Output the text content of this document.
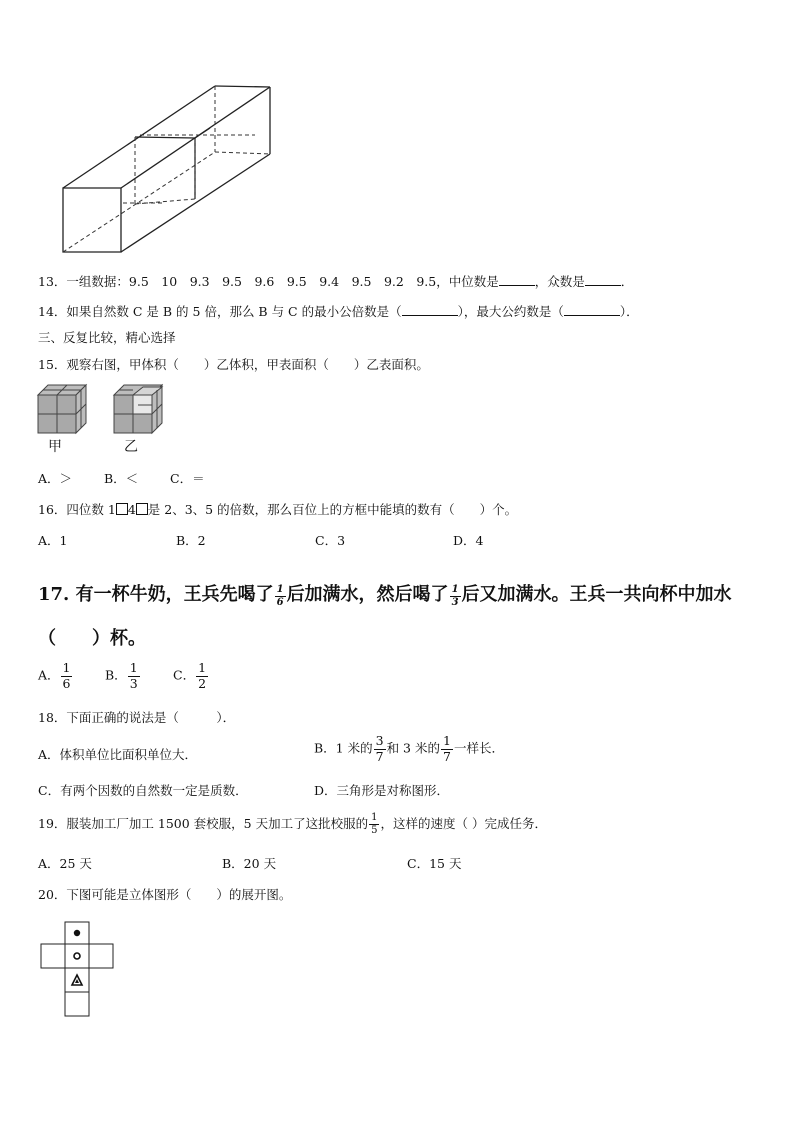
13．一组数据：9.5　10　9.3　9.5　9.6　9.5　9.4　9.5　9.2　9.5，中位数是	，众数是	．
14．如果自然数 C 是 B 的 5 倍，那么 B 与 C 的最小公倍数是（	），最大公约数是（	）．
三、反复比较，精心选择
15．观察右图，甲体积（　　）乙体积，甲表面积（　　）乙表面积。
甲	乙
A．＞	B．＜	C．＝
16．四位数 1 4 是 2、3、5 的倍数，那么百位上的方框中能填的数有（　　）个。
A．1	B．2	C．3	D．4
17. 有一杯牛奶，王兵先喝了 $\frac{1}{6}$ 后加满水，然后喝了 $\frac{1}{3}$ 后又加满水。王兵一共向杯中加水
（　　）杯。
A． $\frac{1}{6}$	B． $\frac{1}{3}$	C． $\frac{1}{2}$
18．下面正确的说法是（　　　）．
A．体积单位比面积单位大．	B．1 米的 $\frac{3}{7}$ 和 3 米的 $\frac{1}{7}$ 一样长．
C．有两个因数的自然数一定是质数．	D．三角形是对称图形．
19．服装加工厂加工 1500 套校服，5 天加工了这批校服的 $\frac{1}{5}$ ，这样的速度（ ）完成任务．
A．25 天	B．20 天	C．15 天
20．下图可能是立体图形（　　）的展开图。
